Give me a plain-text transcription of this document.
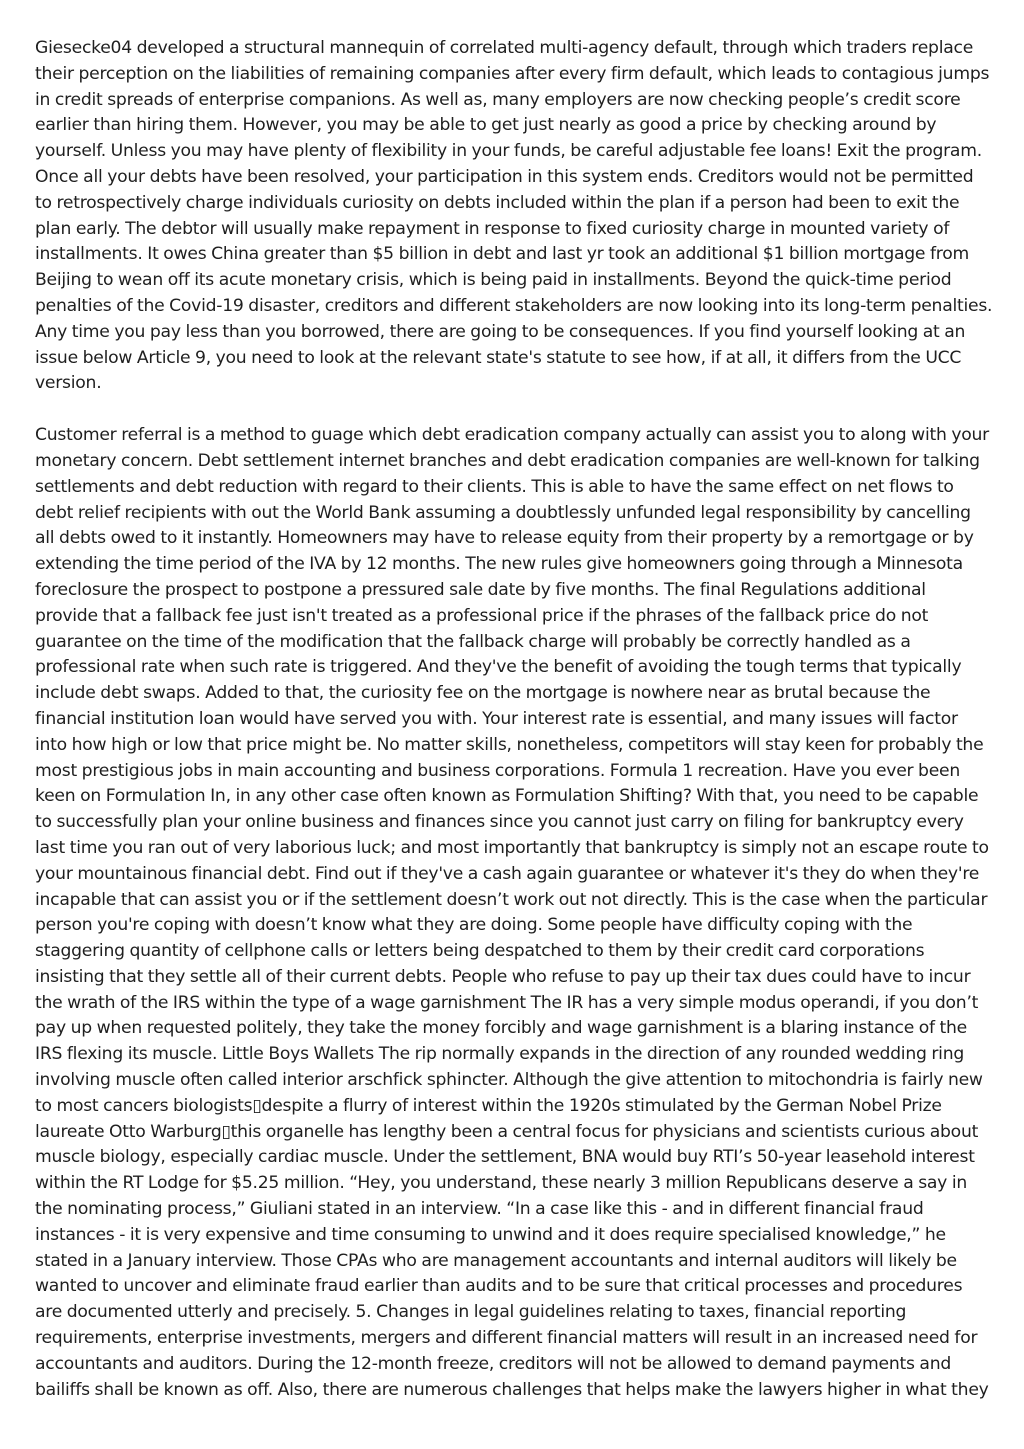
Giesecke04 developed a structural mannequin of correlated multi-agency default, through which traders replace their perception on the liabilities of remaining companies after every firm default, which leads to contagious jumps in credit spreads of enterprise companions. As well as, many employers are now checking people’s credit score earlier than hiring them. However, you may be able to get just nearly as good a price by checking around by yourself. Unless you may have plenty of flexibility in your funds, be careful adjustable fee loans! Exit the program. Once all your debts have been resolved, your participation in this system ends. Creditors would not be permitted to retrospectively charge individuals curiosity on debts included within the plan if a person had been to exit the plan early. The debtor will usually make repayment in response to fixed curiosity charge in mounted variety of installments. It owes China greater than $5 billion in debt and last yr took an additional $1 billion mortgage from Beijing to wean off its acute monetary crisis, which is being paid in installments. Beyond the quick-time period penalties of the Covid-19 disaster, creditors and different stakeholders are now looking into its long-term penalties. Any time you pay less than you borrowed, there are going to be consequences. If you find yourself looking at an issue below Article 9, you need to look at the relevant state's statute to see how, if at all, it differs from the UCC version.

Customer referral is a method to guage which debt eradication company actually can assist you to along with your monetary concern. Debt settlement internet branches and debt eradication companies are well-known for talking settlements and debt reduction with regard to their clients. This is able to have the same effect on net flows to debt relief recipients with out the World Bank assuming a doubtlessly unfunded legal responsibility by cancelling all debts owed to it instantly. Homeowners may have to release equity from their property by a remortgage or by extending the time period of the IVA by 12 months. The new rules give homeowners going through a Minnesota foreclosure the prospect to postpone a pressured sale date by five months. The final Regulations additional provide that a fallback fee just isn't treated as a professional price if the phrases of the fallback price do not guarantee on the time of the modification that the fallback charge will probably be correctly handled as a professional rate when such rate is triggered. And they've the benefit of avoiding the tough terms that typically include debt swaps. Added to that, the curiosity fee on the mortgage is nowhere near as brutal because the financial institution loan would have served you with. Your interest rate is essential, and many issues will factor into how high or low that price might be. No matter skills, nonetheless, competitors will stay keen for probably the most prestigious jobs in main accounting and business corporations. Formula 1 recreation. Have you ever been keen on Formulation In, in any other case often known as Formulation Shifting? With that, you need to be capable to successfully plan your online business and finances since you cannot just carry on filing for bankruptcy every last time you ran out of very laborious luck; and most importantly that bankruptcy is simply not an escape route to your mountainous financial debt. Find out if they've a cash again guarantee or whatever it's they do when they're incapable that can assist you or if the settlement doesn’t work out not directly. This is the case when the particular person you're coping with doesn’t know what they are doing. Some people have difficulty coping with the staggering quantity of cellphone calls or letters being despatched to them by their credit card corporations insisting that they settle all of their current debts. People who refuse to pay up their tax dues could have to incur the wrath of the IRS within the type of a wage garnishment The IR has a very simple modus operandi, if you don’t pay up when requested politely, they take the money forcibly and wage garnishment is a blaring instance of the IRS flexing its muscle. Little Boys Wallets The rip normally expands in the direction of any rounded wedding ring involving muscle often called interior arschfick sphincter. Although the give attention to mitochondria is fairly new to most cancers biologists▯despite a flurry of interest within the 1920s stimulated by the German Nobel Prize laureate Otto Warburg▯this organelle has lengthy been a central focus for physicians and scientists curious about muscle biology, especially cardiac muscle. Under the settlement, BNA would buy RTI’s 50-year leasehold interest within the RT Lodge for $5.25 million. “Hey, you understand, these nearly 3 million Republicans deserve a say in the nominating process,” Giuliani stated in an interview. “In a case like this - and in different financial fraud instances - it is very expensive and time consuming to unwind and it does require specialised knowledge,” he stated in a January interview. Those CPAs who are management accountants and internal auditors will likely be wanted to uncover and eliminate fraud earlier than audits and to be sure that critical processes and procedures are documented utterly and precisely. 5. Changes in legal guidelines relating to taxes, financial reporting requirements, enterprise investments, mergers and different financial matters will result in an increased need for accountants and auditors. During the 12-month freeze, creditors will not be allowed to demand payments and bailiffs shall be known as off. Also, there are numerous challenges that helps make the lawyers higher in what they
